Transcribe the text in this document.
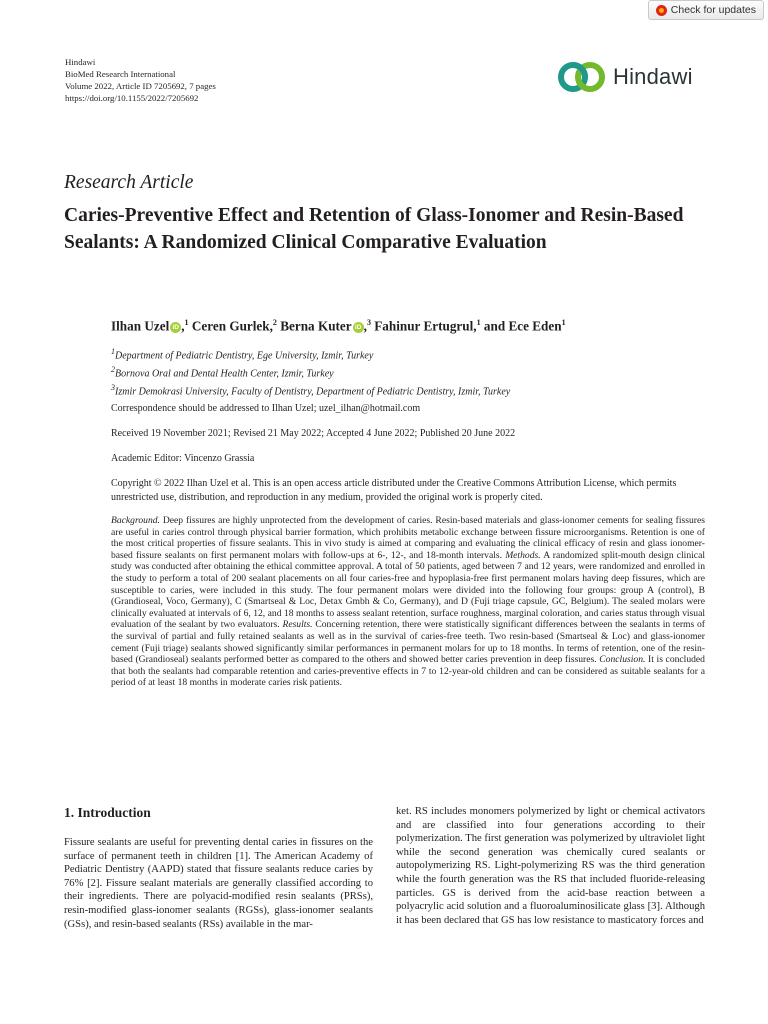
Check for updates
Hindawi
BioMed Research International
Volume 2022, Article ID 7205692, 7 pages
https://doi.org/10.1155/2022/7205692
Hindawi
Research Article
Caries-Preventive Effect and Retention of Glass-Ionomer and Resin-Based Sealants: A Randomized Clinical Comparative Evaluation
Ilhan Uzel iD ,$^1$ Ceren Gurlek,$^2$ Berna Kuter iD ,$^3$ Fahinur Ertugrul,$^1$ and Ece Eden$^1$
$^1$Department of Pediatric Dentistry, Ege University, Izmir, Turkey
$^2$Bornova Oral and Dental Health Center, Izmir, Turkey
$^3$Izmir Demokrasi University, Faculty of Dentistry, Department of Pediatric Dentistry, Izmir, Turkey
Correspondence should be addressed to Ilhan Uzel; uzel_ilhan@hotmail.com
Received 19 November 2021; Revised 21 May 2022; Accepted 4 June 2022; Published 20 June 2022
Academic Editor: Vincenzo Grassia

Copyright © 2022 Ilhan Uzel et al. This is an open access article distributed under the Creative Commons Attribution License, which permits unrestricted use, distribution, and reproduction in any medium, provided the original work is properly cited.

Background. Deep fissures are highly unprotected from the development of caries. Resin-based materials and glass-ionomer cements for sealing fissures are useful in caries control through physical barrier formation, which prohibits metabolic exchange between fissure microorganisms. Retention is one of the most critical properties of fissure sealants. This in vivo study is aimed at comparing and evaluating the clinical efficacy of resin and glass ionomer-based fissure sealants on first permanent molars with follow-ups at 6-, 12-, and 18-month intervals. Methods. A randomized split-mouth design clinical study was conducted after obtaining the ethical committee approval. A total of 50 patients, aged between 7 and 12 years, were randomized and enrolled in the study to perform a total of 200 sealant placements on all four caries-free and hypoplasia-free first permanent molars having deep fissures, which are susceptible to caries, were included in this study. The four permanent molars were divided into the following four groups: group A (control), B (Grandioseal, Voco, Germany), C (Smartseal & Loc, Detax Gmbh & Co, Germany), and D (Fuji triage capsule, GC, Belgium). The sealed molars were clinically evaluated at intervals of 6, 12, and 18 months to assess sealant retention, surface roughness, marginal coloration, and caries status through visual evaluation of the sealant by two evaluators. Results. Concerning retention, there were statistically significant differences between the sealants in terms of the survival of partial and fully retained sealants as well as in the survival of caries-free teeth. Two resin-based (Smartseal & Loc) and glass-ionomer cement (Fuji triage) sealants showed significantly similar performances in permanent molars for up to 18 months. In terms of retention, one of the resin-based (Grandioseal) sealants performed better as compared to the others and showed better caries prevention in deep fissures. Conclusion. It is concluded that both the sealants had comparable retention and caries-preventive effects in 7 to 12-year-old children and can be considered as suitable sealants for a period of at least 18 months in moderate caries risk patients.

1. Introduction

Fissure sealants are useful for preventing dental caries in fissures on the surface of permanent teeth in children [1]. The American Academy of Pediatric Dentistry (AAPD) stated that fissure sealants reduce caries by 76% [2]. Fissure sealant materials are generally classified according to their ingredients. There are polyacid-modified resin sealants (PRSs), resin-modified glass-ionomer sealants (RGSs), glass-ionomer sealants (GSs), and resin-based sealants (RSs) available in the mar-

ket. RS includes monomers polymerized by light or chemical activators and are classified into four generations according to their polymerization. The first generation was polymerized by ultraviolet light while the second generation was chemically cured sealants or autopolymerizing RS. Light-polymerizing RS was the third generation while the fourth generation was the RS that included fluoride-releasing particles. GS is derived from the acid-base reaction between a polyacrylic acid solution and a fluoroaluminosilicate glass [3]. Although it has been declared that GS has low resistance to masticatory forces and
